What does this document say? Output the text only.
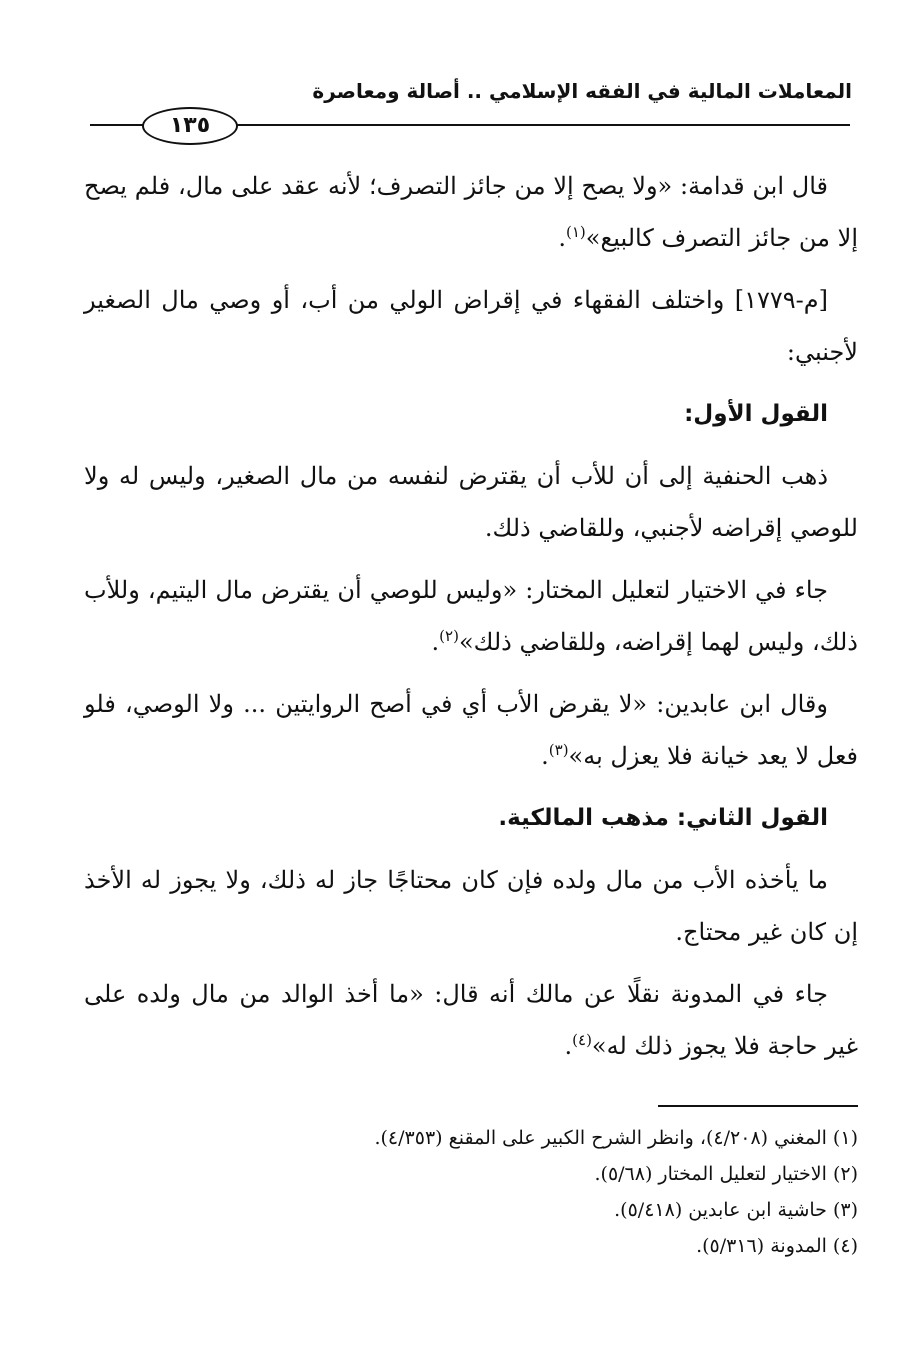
المعاملات المالية في الفقه الإسلامي .. أصالة ومعاصرة
١٣٥

قال ابن قدامة: «ولا يصح إلا من جائز التصرف؛ لأنه عقد على مال، فلم يصح إلا من جائز التصرف كالبيع»$^{(١)}$.

[م-١٧٧٩] واختلف الفقهاء في إقراض الولي من أب، أو وصي مال الصغير لأجنبي:

القول الأول:

ذهب الحنفية إلى أن للأب أن يقترض لنفسه من مال الصغير، وليس له ولا للوصي إقراضه لأجنبي، وللقاضي ذلك.

جاء في الاختيار لتعليل المختار: «وليس للوصي أن يقترض مال اليتيم، وللأب ذلك، وليس لهما إقراضه، وللقاضي ذلك»$^{(٢)}$.

وقال ابن عابدين: «لا يقرض الأب أي في أصح الروايتين ... ولا الوصي، فلو فعل لا يعد خيانة فلا يعزل به»$^{(٣)}$.

القول الثاني: مذهب المالكية.

ما يأخذه الأب من مال ولده فإن كان محتاجًا جاز له ذلك، ولا يجوز له الأخذ إن كان غير محتاج.

جاء في المدونة نقلًا عن مالك أنه قال: «ما أخذ الوالد من مال ولده على غير حاجة فلا يجوز ذلك له»$^{(٤)}$.

(١) المغني (٤/٢٠٨)، وانظر الشرح الكبير على المقنع (٤/٣٥٣).

(٢) الاختيار لتعليل المختار (٥/٦٨).

(٣) حاشية ابن عابدين (٥/٤١٨).

(٤) المدونة (٥/٣١٦).
